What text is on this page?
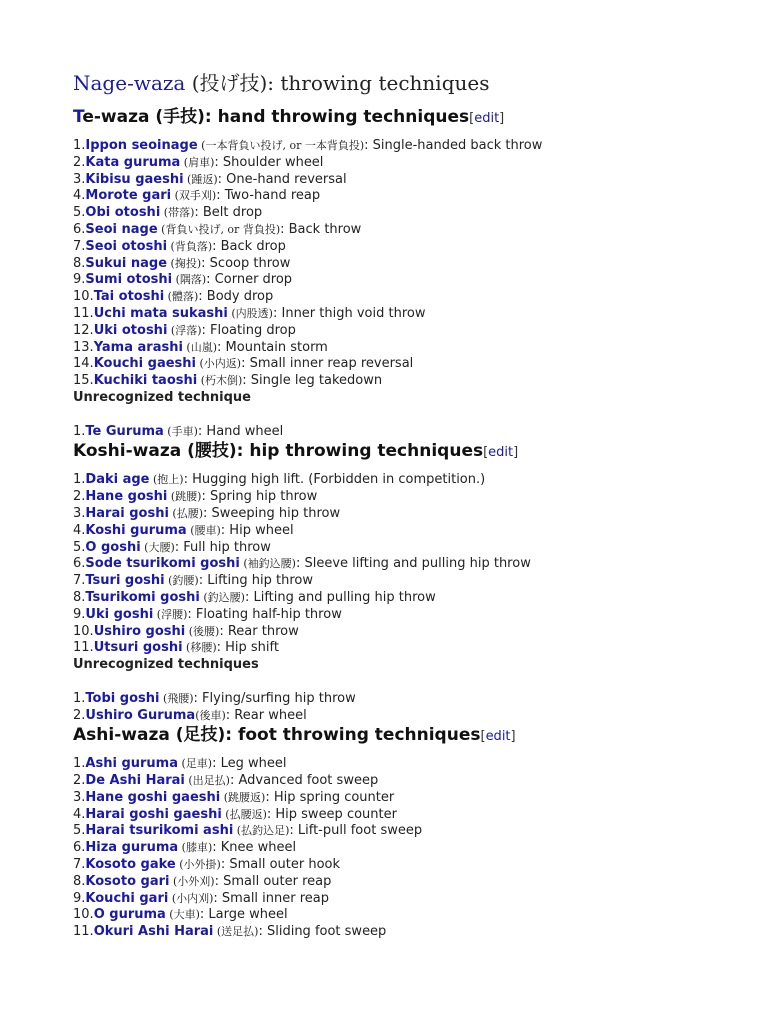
Nage-waza (投げ技): throwing techniques
Te-waza (手技): hand throwing techniques[edit]
1.Ippon seoinage (一本背負い投げ, or 一本背負投): Single-handed back throw
2.Kata guruma (肩車): Shoulder wheel
3.Kibisu gaeshi (踵返): One-hand reversal
4.Morote gari (双手刈): Two-hand reap
5.Obi otoshi (帯落): Belt drop
6.Seoi nage (背負い投げ, or 背負投): Back throw
7.Seoi otoshi (背負落): Back drop
8.Sukui nage (掬投): Scoop throw
9.Sumi otoshi (隅落): Corner drop
10.Tai otoshi (體落): Body drop
11.Uchi mata sukashi (内股透): Inner thigh void throw
12.Uki otoshi (浮落): Floating drop
13.Yama arashi (山嵐): Mountain storm
14.Kouchi gaeshi (小内返): Small inner reap reversal
15.Kuchiki taoshi (朽木倒): Single leg takedown
Unrecognized technique
1.Te Guruma (手車): Hand wheel
Koshi-waza (腰技): hip throwing techniques[edit]
1.Daki age (抱上): Hugging high lift. (Forbidden in competition.)
2.Hane goshi (跳腰): Spring hip throw
3.Harai goshi (払腰): Sweeping hip throw
4.Koshi guruma (腰車): Hip wheel
5.O goshi (大腰): Full hip throw
6.Sode tsurikomi goshi (袖釣込腰): Sleeve lifting and pulling hip throw
7.Tsuri goshi (釣腰): Lifting hip throw
8.Tsurikomi goshi (釣込腰): Lifting and pulling hip throw
9.Uki goshi (浮腰): Floating half-hip throw
10.Ushiro goshi (後腰): Rear throw
11.Utsuri goshi (移腰): Hip shift
Unrecognized techniques
1.Tobi goshi (飛腰): Flying/surfing hip throw
2.Ushiro Guruma(後車): Rear wheel
Ashi-waza (足技): foot throwing techniques[edit]
1.Ashi guruma (足車): Leg wheel
2.De Ashi Harai (出足払): Advanced foot sweep
3.Hane goshi gaeshi (跳腰返): Hip spring counter
4.Harai goshi gaeshi (払腰返): Hip sweep counter
5.Harai tsurikomi ashi (払釣込足): Lift-pull foot sweep
6.Hiza guruma (膝車): Knee wheel
7.Kosoto gake (小外掛): Small outer hook
8.Kosoto gari (小外刈): Small outer reap
9.Kouchi gari (小内刈): Small inner reap
10.O guruma (大車): Large wheel
11.Okuri Ashi Harai (送足払): Sliding foot sweep
